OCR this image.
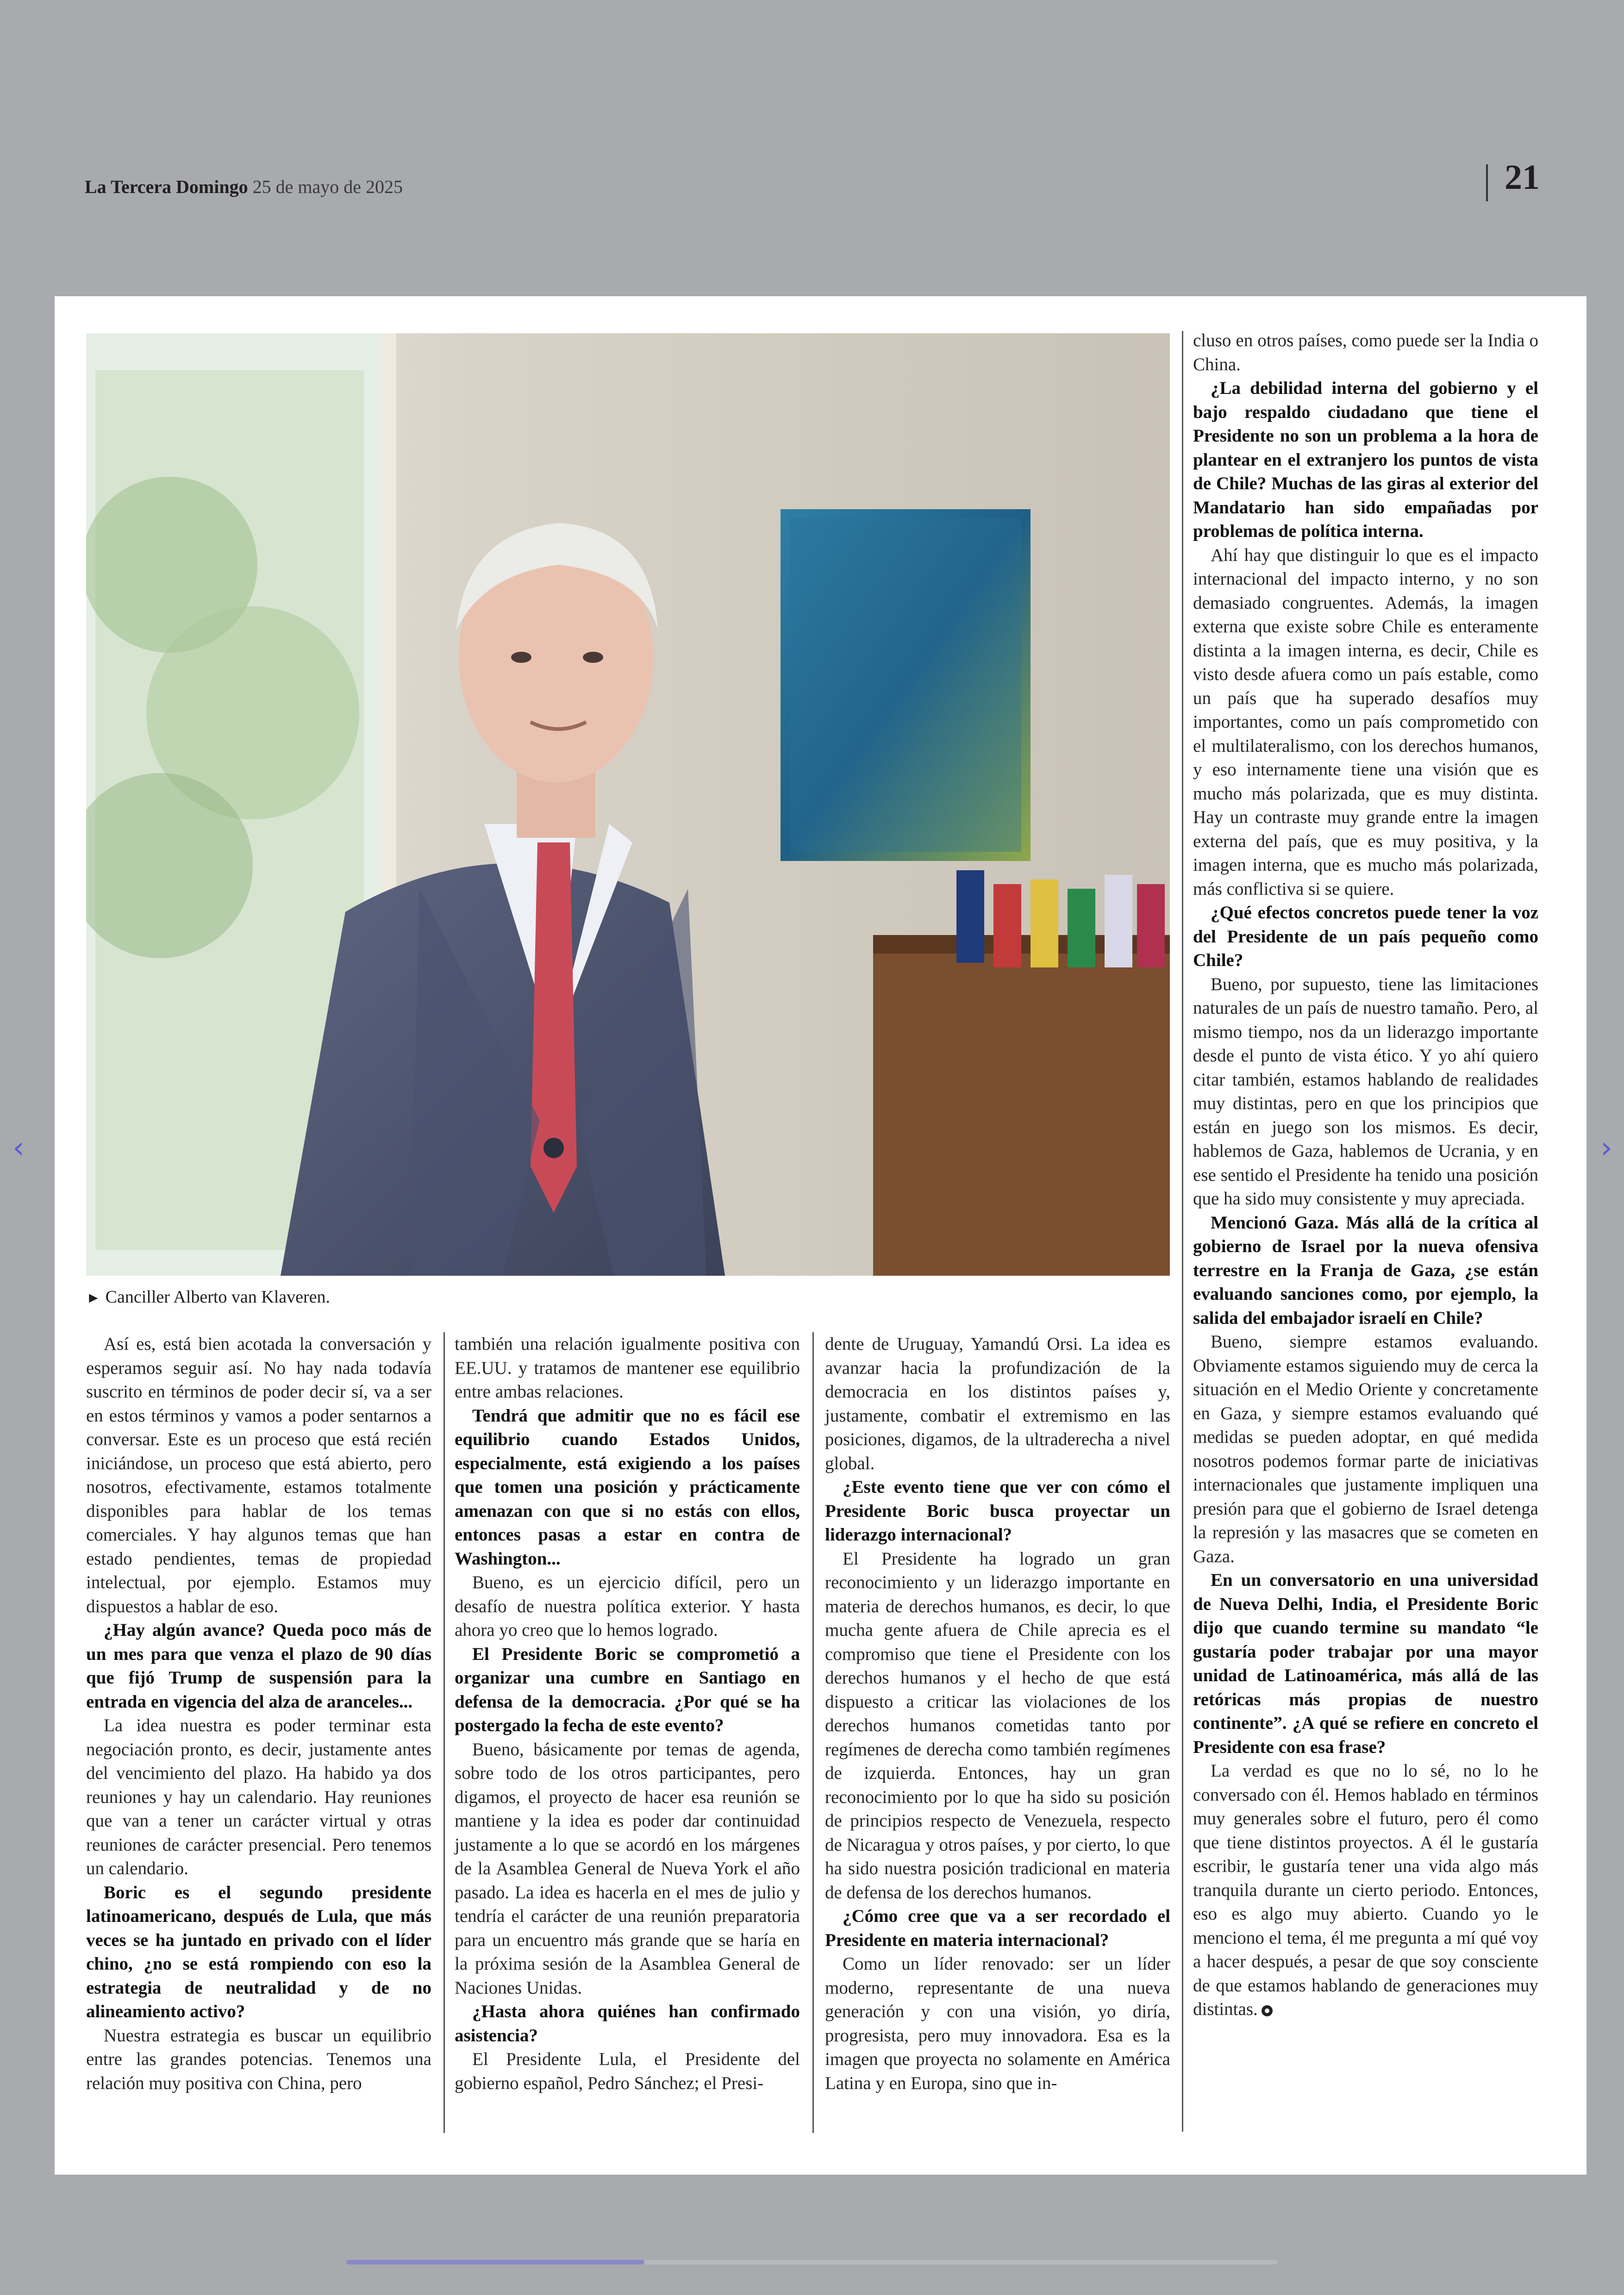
La Tercera Domingo 25 de mayo de 2025	21
► Canciller Alberto van Klaveren.

Así es, está bien acotada la conversación y esperamos seguir así. No hay nada todavía suscrito en términos de poder decir sí, va a ser en estos términos y vamos a poder sentarnos a conversar. Este es un proceso que está recién iniciándose, un proceso que está abierto, pero nosotros, efectivamente, estamos totalmente disponibles para hablar de los temas comerciales. Y hay algunos temas que han estado pendientes, temas de propiedad intelectual, por ejemplo. Estamos muy dispuestos a hablar de eso.

¿Hay algún avance? Queda poco más de un mes para que venza el plazo de 90 días que fijó Trump de suspensión para la entrada en vigencia del alza de aranceles...

La idea nuestra es poder terminar esta negociación pronto, es decir, justamente antes del vencimiento del plazo. Ha habido ya dos reuniones y hay un calendario. Hay reuniones que van a tener un carácter virtual y otras reuniones de carácter presencial. Pero tenemos un calendario.

Boric es el segundo presidente latinoamericano, después de Lula, que más veces se ha juntado en privado con el líder chino, ¿no se está rompiendo con eso la estrategia de neutralidad y de no alineamiento activo?

Nuestra estrategia es buscar un equilibrio entre las grandes potencias. Tenemos una relación muy positiva con China, pero

también una relación igualmente positiva con EE.UU. y tratamos de mantener ese equilibrio entre ambas relaciones.

Tendrá que admitir que no es fácil ese equilibrio cuando Estados Unidos, especialmente, está exigiendo a los países que tomen una posición y prácticamente amenazan con que si no estás con ellos, entonces pasas a estar en contra de Washington...

Bueno, es un ejercicio difícil, pero un desafío de nuestra política exterior. Y hasta ahora yo creo que lo hemos logrado.

El Presidente Boric se comprometió a organizar una cumbre en Santiago en defensa de la democracia. ¿Por qué se ha postergado la fecha de este evento?

Bueno, básicamente por temas de agenda, sobre todo de los otros participantes, pero digamos, el proyecto de hacer esa reunión se mantiene y la idea es poder dar continuidad justamente a lo que se acordó en los márgenes de la Asamblea General de Nueva York el año pasado. La idea es hacerla en el mes de julio y tendría el carácter de una reunión preparatoria para un encuentro más grande que se haría en la próxima sesión de la Asamblea General de Naciones Unidas.

¿Hasta ahora quiénes han confirmado asistencia?

El Presidente Lula, el Presidente del gobierno español, Pedro Sánchez; el Presi-

dente de Uruguay, Yamandú Orsi. La idea es avanzar hacia la profundización de la democracia en los distintos países y, justamente, combatir el extremismo en las posiciones, digamos, de la ultraderecha a nivel global.

¿Este evento tiene que ver con cómo el Presidente Boric busca proyectar un liderazgo internacional?

El Presidente ha logrado un gran reconocimiento y un liderazgo importante en materia de derechos humanos, es decir, lo que mucha gente afuera de Chile aprecia es el compromiso que tiene el Presidente con los derechos humanos y el hecho de que está dispuesto a criticar las violaciones de los derechos humanos cometidas tanto por regímenes de derecha como también regímenes de izquierda. Entonces, hay un gran reconocimiento por lo que ha sido su posición de principios respecto de Venezuela, respecto de Nicaragua y otros países, y por cierto, lo que ha sido nuestra posición tradicional en materia de defensa de los derechos humanos.

¿Cómo cree que va a ser recordado el Presidente en materia internacional?

Como un líder renovado: ser un líder moderno, representante de una nueva generación y con una visión, yo diría, progresista, pero muy innovadora. Esa es la imagen que proyecta no solamente en América Latina y en Europa, sino que in-

cluso en otros países, como puede ser la India o China.

¿La debilidad interna del gobierno y el bajo respaldo ciudadano que tiene el Presidente no son un problema a la hora de plantear en el extranjero los puntos de vista de Chile? Muchas de las giras al exterior del Mandatario han sido empañadas por problemas de política interna.

Ahí hay que distinguir lo que es el impacto internacional del impacto interno, y no son demasiado congruentes. Además, la imagen externa que existe sobre Chile es enteramente distinta a la imagen interna, es decir, Chile es visto desde afuera como un país estable, como un país que ha superado desafíos muy importantes, como un país comprometido con el multilateralismo, con los derechos humanos, y eso internamente tiene una visión que es mucho más polarizada, que es muy distinta. Hay un contraste muy grande entre la imagen externa del país, que es muy positiva, y la imagen interna, que es mucho más polarizada, más conflictiva si se quiere.

¿Qué efectos concretos puede tener la voz del Presidente de un país pequeño como Chile?

Bueno, por supuesto, tiene las limitaciones naturales de un país de nuestro tamaño. Pero, al mismo tiempo, nos da un liderazgo importante desde el punto de vista ético. Y yo ahí quiero citar también, estamos hablando de realidades muy distintas, pero en que los principios que están en juego son los mismos. Es decir, hablemos de Gaza, hablemos de Ucrania, y en ese sentido el Presidente ha tenido una posición que ha sido muy consistente y muy apreciada.

Mencionó Gaza. Más allá de la crítica al gobierno de Israel por la nueva ofensiva terrestre en la Franja de Gaza, ¿se están evaluando sanciones como, por ejemplo, la salida del embajador israelí en Chile?

Bueno, siempre estamos evaluando. Obviamente estamos siguiendo muy de cerca la situación en el Medio Oriente y concretamente en Gaza, y siempre estamos evaluando qué medidas se pueden adoptar, en qué medida nosotros podemos formar parte de iniciativas internacionales que justamente impliquen una presión para que el gobierno de Israel detenga la represión y las masacres que se cometen en Gaza.

En un conversatorio en una universidad de Nueva Delhi, India, el Presidente Boric dijo que cuando termine su mandato “le gustaría poder trabajar por una mayor unidad de Latinoamérica, más allá de las retóricas más propias de nuestro continente”. ¿A qué se refiere en concreto el Presidente con esa frase?

La verdad es que no lo sé, no lo he conversado con él. Hemos hablado en términos muy generales sobre el futuro, pero él como que tiene distintos proyectos. A él le gustaría escribir, le gustaría tener una vida algo más tranquila durante un cierto periodo. Entonces, eso es algo muy abierto. Cuando yo le menciono el tema, él me pregunta a mí qué voy a hacer después, a pesar de que soy consciente de que estamos hablando de generaciones muy distintas.

‹	›
